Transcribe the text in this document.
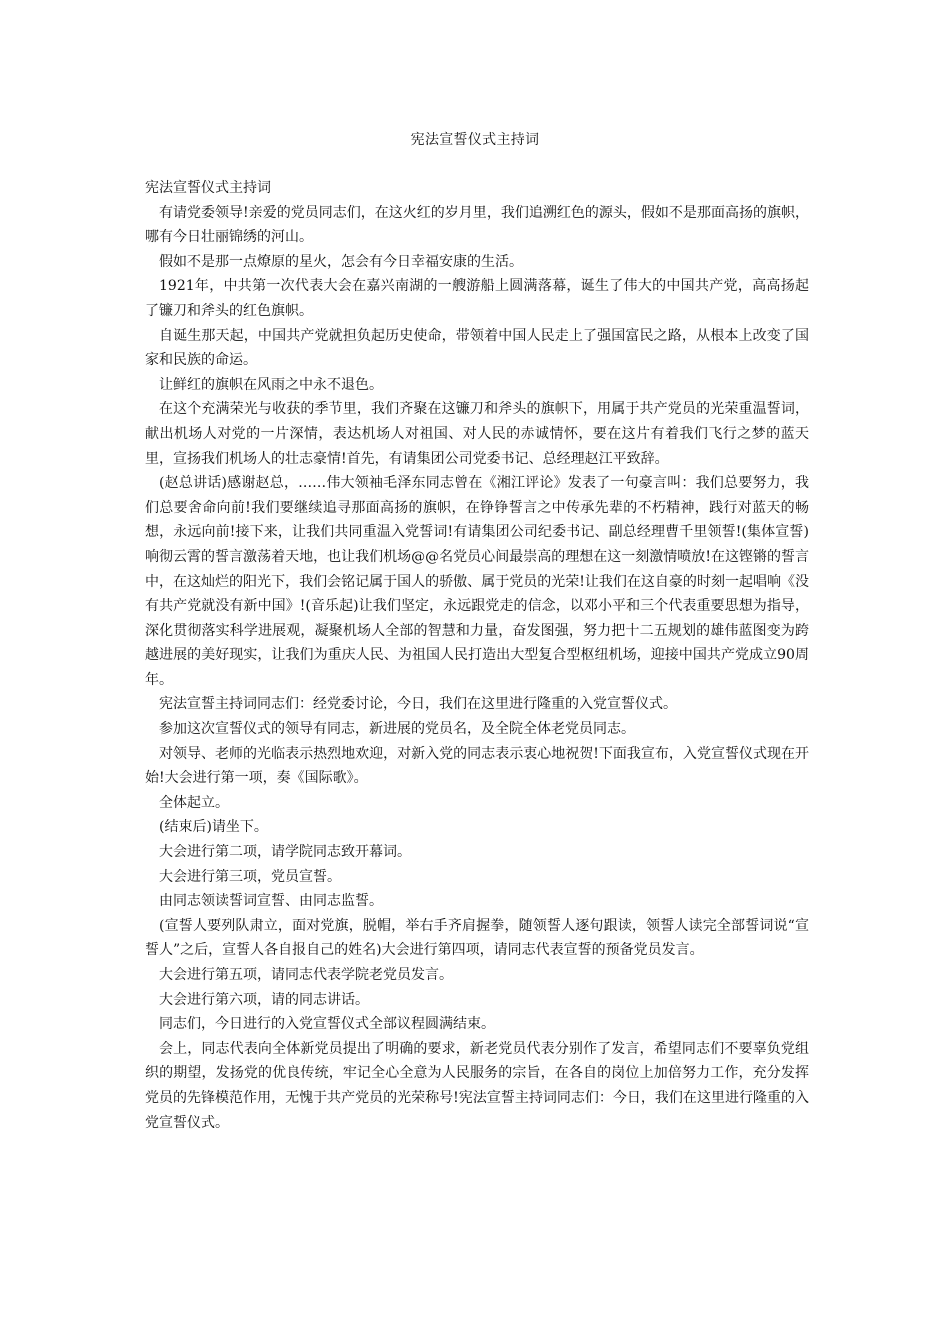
宪法宣誓仪式主持词

宪法宣誓仪式主持词

有请党委领导!亲爱的党员同志们，在这火红的岁月里，我们追溯红色的源头，假如不是那面高扬的旗帜，哪有今日壮丽锦绣的河山。

假如不是那一点燎原的星火，怎会有今日幸福安康的生活。

1921年，中共第一次代表大会在嘉兴南湖的一艘游船上圆满落幕，诞生了伟大的中国共产党，高高扬起了镰刀和斧头的红色旗帜。

自诞生那天起，中国共产党就担负起历史使命，带领着中国人民走上了强国富民之路，从根本上改变了国家和民族的命运。

让鲜红的旗帜在风雨之中永不退色。

在这个充满荣光与收获的季节里，我们齐聚在这镰刀和斧头的旗帜下，用属于共产党员的光荣重温誓词，献出机场人对党的一片深情，表达机场人对祖国、对人民的赤诚情怀，要在这片有着我们飞行之梦的蓝天里，宣扬我们机场人的壮志豪情!首先，有请集团公司党委书记、总经理赵江平致辞。

(赵总讲话)感谢赵总，……伟大领袖毛泽东同志曾在《湘江评论》发表了一句豪言叫：我们总要努力，我们总要舍命向前!我们要继续追寻那面高扬的旗帜，在铮铮誓言之中传承先辈的不朽精神，践行对蓝天的畅想，永远向前!接下来，让我们共同重温入党誓词!有请集团公司纪委书记、副总经理曹千里领誓!(集体宣誓)响彻云霄的誓言激荡着天地，也让我们机场@@名党员心间最崇高的理想在这一刻激情喷放!在这铿锵的誓言中，在这灿烂的阳光下，我们会铭记属于国人的骄傲、属于党员的光荣!让我们在这自豪的时刻一起唱响《没有共产党就没有新中国》!(音乐起)让我们坚定，永远跟党走的信念，以邓小平和三个代表重要思想为指导，深化贯彻落实科学进展观，凝聚机场人全部的智慧和力量，奋发图强，努力把十二五规划的雄伟蓝图变为跨越进展的美好现实，让我们为重庆人民、为祖国人民打造出大型复合型枢纽机场，迎接中国共产党成立90周年。

宪法宣誓主持词同志们：经党委讨论，今日，我们在这里进行隆重的入党宣誓仪式。

参加这次宣誓仪式的领导有同志，新进展的党员名，及全院全体老党员同志。

对领导、老师的光临表示热烈地欢迎，对新入党的同志表示衷心地祝贺!下面我宣布，入党宣誓仪式现在开始!大会进行第一项，奏《国际歌》。

全体起立。

(结束后)请坐下。

大会进行第二项，请学院同志致开幕词。

大会进行第三项，党员宣誓。

由同志领读誓词宣誓、由同志监誓。

(宣誓人要列队肃立，面对党旗，脱帽，举右手齐肩握拳，随领誓人逐句跟读，领誓人读完全部誓词说“宣誓人”之后，宣誓人各自报自己的姓名)大会进行第四项，请同志代表宣誓的预备党员发言。

大会进行第五项，请同志代表学院老党员发言。

大会进行第六项，请的同志讲话。

同志们，今日进行的入党宣誓仪式全部议程圆满结束。

会上，同志代表向全体新党员提出了明确的要求，新老党员代表分别作了发言，希望同志们不要辜负党组织的期望，发扬党的优良传统，牢记全心全意为人民服务的宗旨，在各自的岗位上加倍努力工作，充分发挥党员的先锋模范作用，无愧于共产党员的光荣称号!宪法宣誓主持词同志们：今日，我们在这里进行隆重的入党宣誓仪式。
